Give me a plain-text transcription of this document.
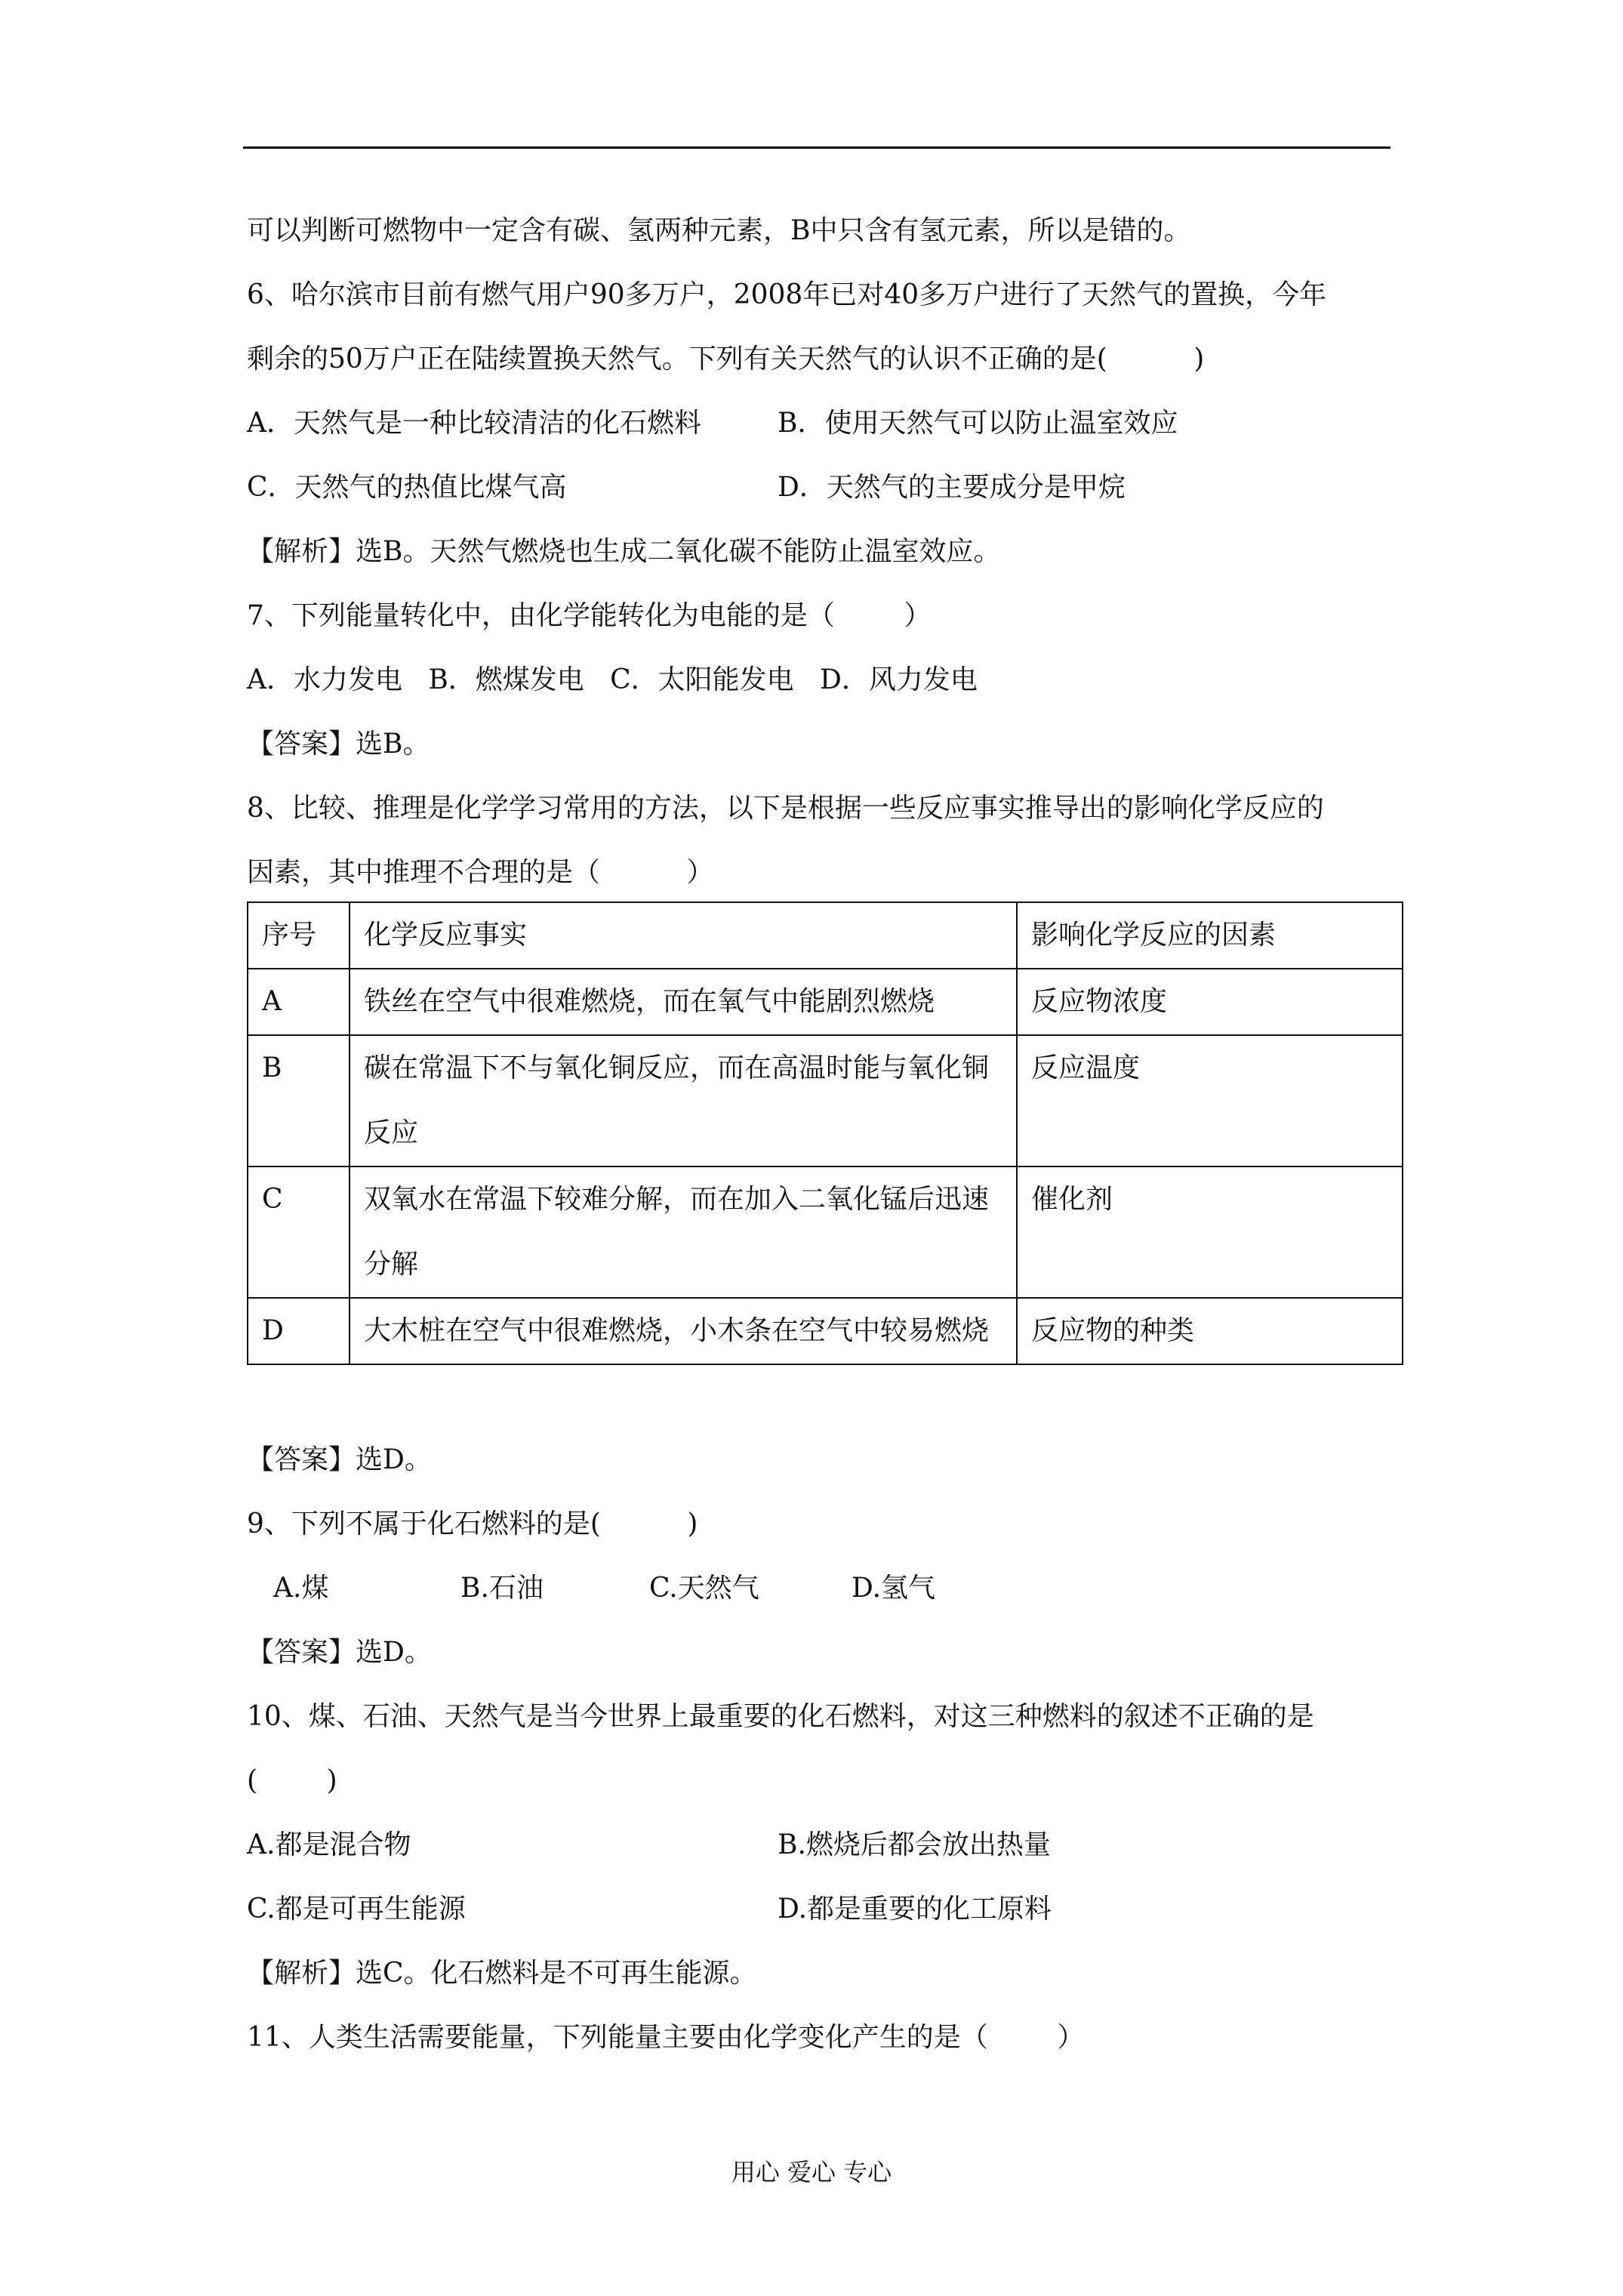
可以判断可燃物中一定含有碳、氢两种元素，B中只含有氢元素，所以是错的。
6、哈尔滨市目前有燃气用户90多万户，2008年已对40多万户进行了天然气的置换，今年
剩余的50万户正在陆续置换天然气。下列有关天然气的认识不正确的是(          )
A．天然气是一种比较清洁的化石燃料	B．使用天然气可以防止温室效应
C．天然气的热值比煤气高	D．天然气的主要成分是甲烷
【解析】选B。天然气燃烧也生成二氧化碳不能防止温室效应。
7、下列能量转化中，由化学能转化为电能的是（        ）
A．水力发电   B．燃煤发电   C．太阳能发电   D．风力发电
【答案】选B。
8、比较、推理是化学学习常用的方法，以下是根据一些反应事实推导出的影响化学反应的
因素，其中推理不合理的是（          ）
序号	化学反应事实	影响化学反应的因素
A	铁丝在空气中很难燃烧，而在氧气中能剧烈燃烧	反应物浓度
B	碳在常温下不与氧化铜反应，而在高温时能与氧化铜反应	反应温度
C	双氧水在常温下较难分解，而在加入二氧化锰后迅速分解	催化剂
D	大木桩在空气中很难燃烧，小木条在空气中较易燃烧	反应物的种类
【答案】选D。
9、下列不属于化石燃料的是(          )
A.煤	B.石油	C.天然气	D.氢气
【答案】选D。
10、煤、石油、天然气是当今世界上最重要的化石燃料，对这三种燃料的叙述不正确的是
(        )
A.都是混合物	B.燃烧后都会放出热量
C.都是可再生能源	D.都是重要的化工原料
【解析】选C。化石燃料是不可再生能源。
11、人类生活需要能量，下列能量主要由化学变化产生的是（        ）
用心 爱心 专心
